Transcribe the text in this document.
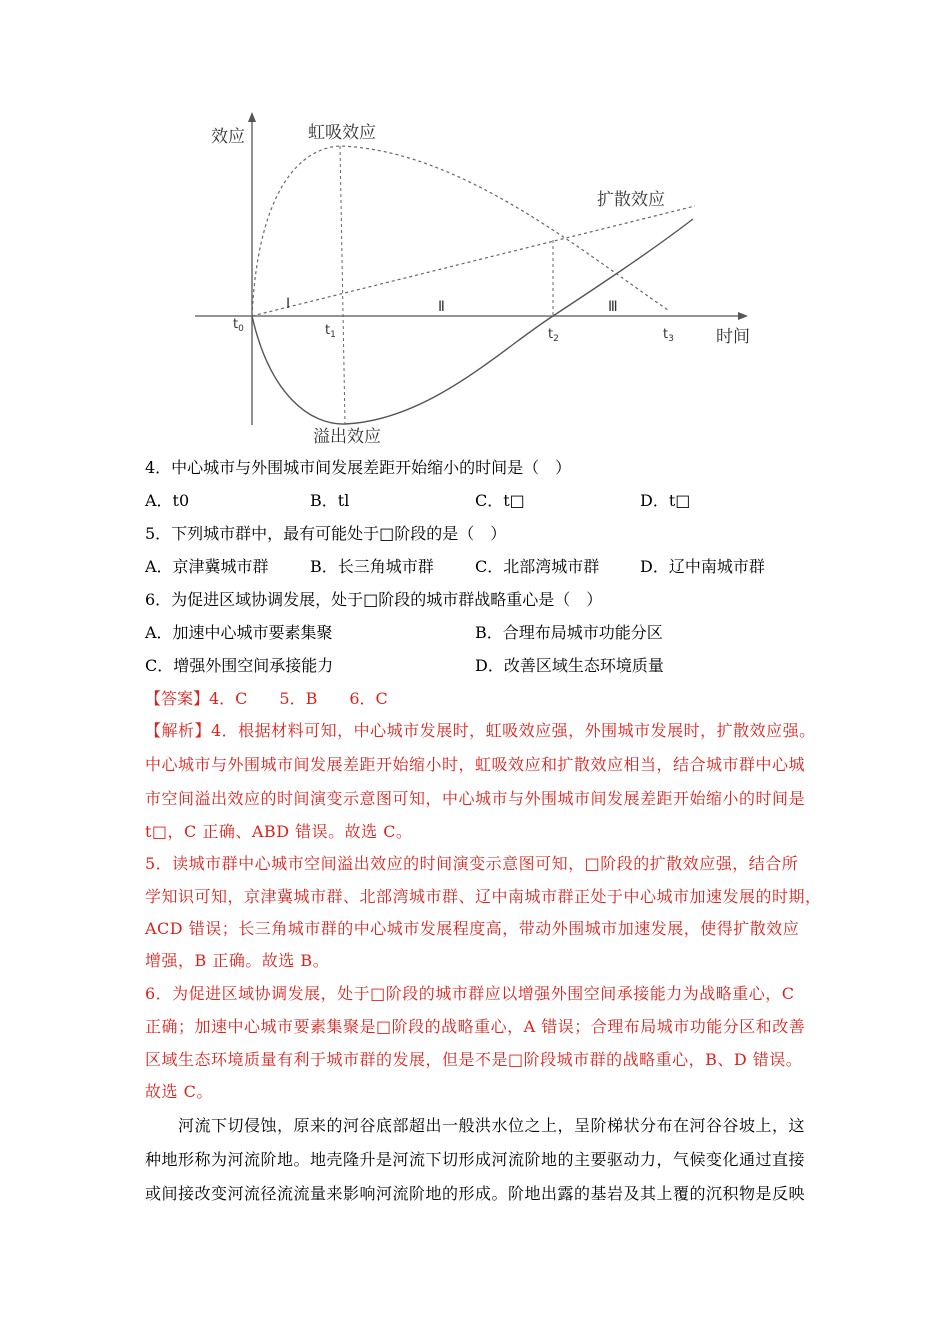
效应
时间
虹吸效应
扩散效应
溢出效应
Ⅰ	Ⅱ	Ⅲ
$t_0$	$t_1$	$t_2$	$t_3$
4．中心城市与外围城市间发展差距开始缩小的时间是（　）
A．t0	B．tl	C．t□	D．t□
5．下列城市群中，最有可能处于□阶段的是（　）
A．京津冀城市群	B．长三角城市群	C．北部湾城市群	D．辽中南城市群
6．为促进区域协调发展，处于□阶段的城市群战略重心是（　）
A．加速中心城市要素集聚	B．合理布局城市功能分区
C．增强外围空间承接能力	D．改善区域生态环境质量
【答案】4．C　　5．B　　6．C
【解析】4．根据材料可知，中心城市发展时，虹吸效应强，外围城市发展时，扩散效应强。
中心城市与外围城市间发展差距开始缩小时，虹吸效应和扩散效应相当，结合城市群中心城
市空间溢出效应的时间演变示意图可知，中心城市与外围城市间发展差距开始缩小的时间是
t□，C 正确、ABD 错误。故选 C。
5．读城市群中心城市空间溢出效应的时间演变示意图可知，□阶段的扩散效应强，结合所
学知识可知，京津冀城市群、北部湾城市群、辽中南城市群正处于中心城市加速发展的时期，
ACD 错误；长三角城市群的中心城市发展程度高，带动外围城市加速发展，使得扩散效应
增强，B 正确。故选 B。
6．为促进区域协调发展，处于□阶段的城市群应以增强外围空间承接能力为战略重心，C
正确；加速中心城市要素集聚是□阶段的战略重心，A 错误；合理布局城市功能分区和改善
区域生态环境质量有利于城市群的发展，但是不是□阶段城市群的战略重心，B、D 错误。
故选 C。
　　河流下切侵蚀，原来的河谷底部超出一般洪水位之上，呈阶梯状分布在河谷谷坡上，这
种地形称为河流阶地。地壳隆升是河流下切形成河流阶地的主要驱动力，气候变化通过直接
或间接改变河流径流流量来影响河流阶地的形成。阶地出露的基岩及其上覆的沉积物是反映
